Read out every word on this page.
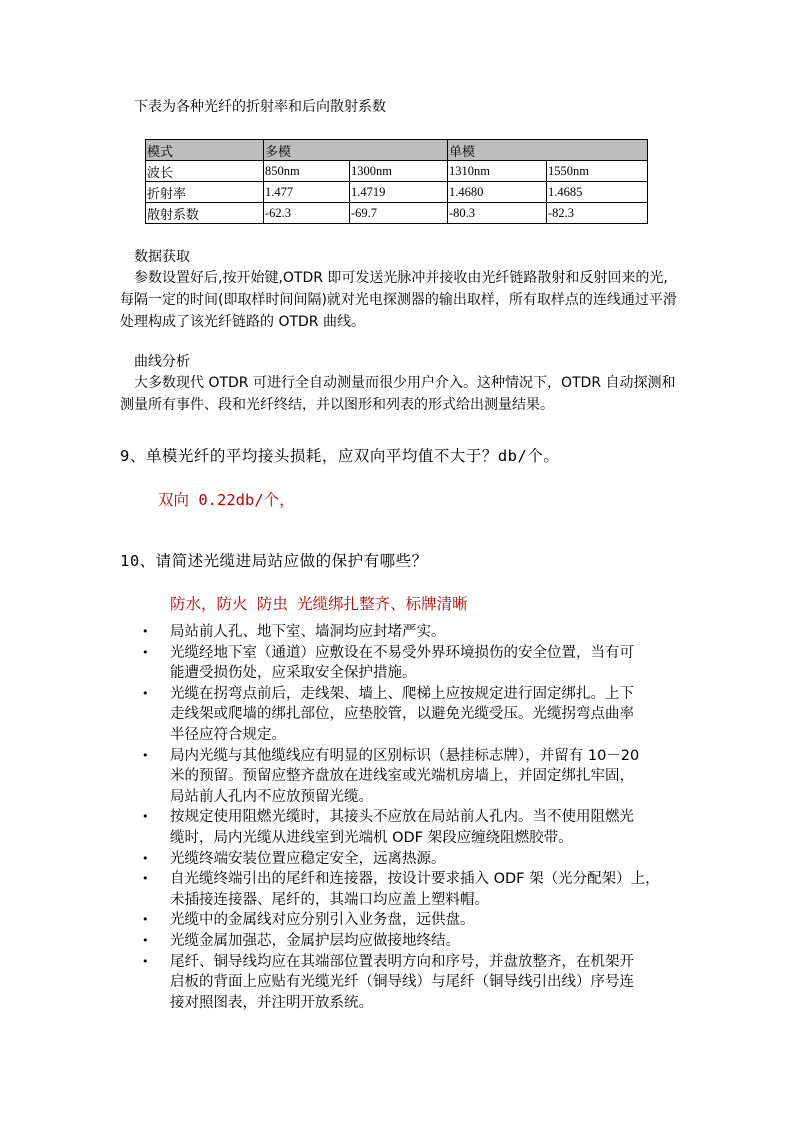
下表为各种光纤的折射率和后向散射系数
模式	多模		单模	
波长	850nm	1300nm	1310nm	1550nm
折射率	1.477	1.4719	1.4680	1.4685
散射系数	-62.3	-69.7	-80.3	-82.3
数据获取
参数设置好后,按开始键,OTDR 即可发送光脉冲并接收由光纤链路散射和反射回来的光,
每隔一定的时间(即取样时间间隔)就对光电探测器的输出取样，所有取样点的连线通过平滑
处理构成了该光纤链路的 OTDR 曲线。
曲线分析
大多数现代 OTDR 可进行全自动测量而很少用户介入。这种情况下，OTDR 自动探测和
测量所有事件、段和光纤终结，并以图形和列表的形式给出测量结果。
9、单模光纤的平均接头损耗，应双向平均值不大于？db/个。
双向 0.22db/个，
10、请简述光缆进局站应做的保护有哪些？
防水，防火 防虫 光缆绑扎整齐、标牌清晰
• 局站前人孔、地下室、墙洞均应封堵严实。
• 光缆经地下室（通道）应敷设在不易受外界环境损伤的安全位置，当有可
能遭受损伤处，应采取安全保护措施。
• 光缆在拐弯点前后，走线架、墙上、爬梯上应按规定进行固定绑扎。上下
走线架或爬墙的绑扎部位，应垫胶管，以避免光缆受压。光缆拐弯点曲率
半径应符合规定。
• 局内光缆与其他缆线应有明显的区别标识（悬挂标志牌），并留有 10－20
米的预留。预留应整齐盘放在进线室或光端机房墙上，并固定绑扎牢固，
局站前人孔内不应放预留光缆。
• 按规定使用阻燃光缆时，其接头不应放在局站前人孔内。当不使用阻燃光
缆时，局内光缆从进线室到光端机 ODF 架段应缠绕阻燃胶带。
• 光缆终端安装位置应稳定安全，远离热源。
• 自光缆终端引出的尾纤和连接器，按设计要求插入 ODF 架（光分配架）上，
未插接连接器、尾纤的，其端口均应盖上塑料帽。
• 光缆中的金属线对应分别引入业务盘，远供盘。
• 光缆金属加强芯，金属护层均应做接地终结。
• 尾纤、铜导线均应在其端部位置表明方向和序号，并盘放整齐，在机架开
启板的背面上应贴有光缆光纤（铜导线）与尾纤（铜导线引出线）序号连
接对照图表，并注明开放系统。
